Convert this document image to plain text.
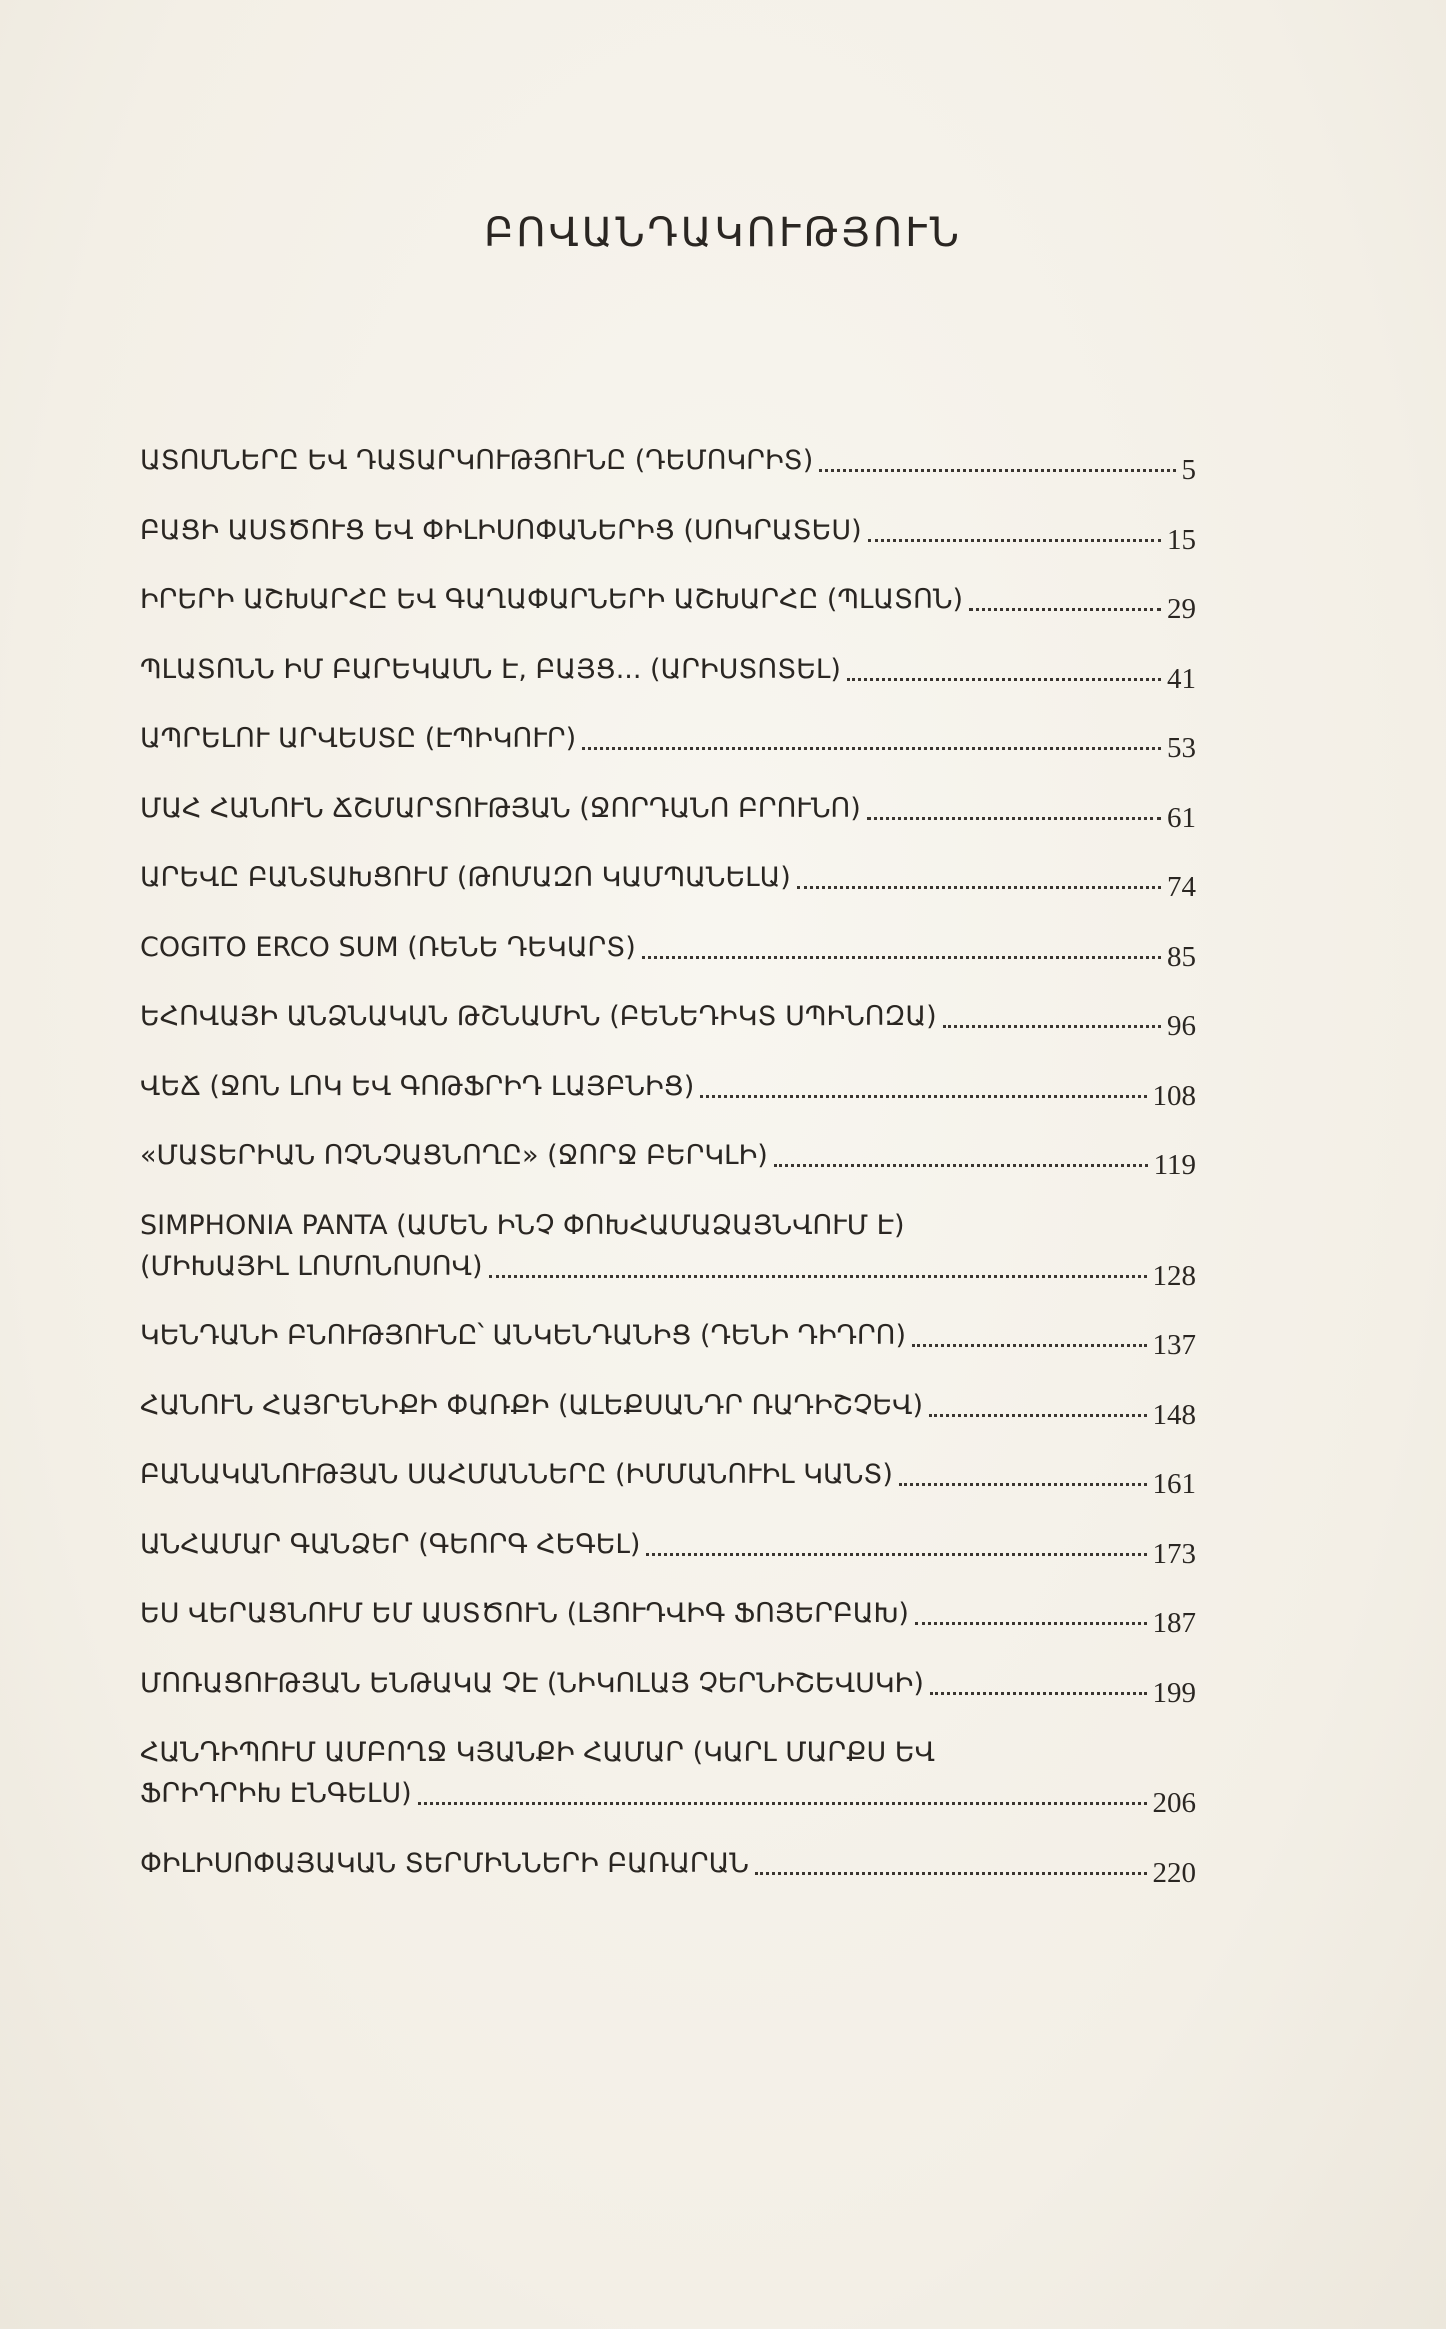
ԲՈՎԱՆԴԱԿՈՒԹՅՈՒՆ
ԱՏՈՄՆԵՐԸ ԵՎ ԴԱՏԱՐԿՈՒԹՅՈՒՆԸ (ԴԵՄՈԿՐԻՏ)	5
ԲԱՑԻ ԱՍՏԾՈՒՑ ԵՎ ՓԻԼԻՍՈՓԱՆԵՐԻՑ (ՍՈԿՐԱՏԵՍ)	15
ԻՐԵՐԻ ԱՇԽԱՐՀԸ ԵՎ ԳԱՂԱՓԱՐՆԵՐԻ ԱՇԽԱՐՀԸ (ՊԼԱՏՈՆ)	29
ՊԼԱՏՈՆՆ ԻՄ ԲԱՐԵԿԱՄՆ Է, ԲԱՅՑ... (ԱՐԻՍՏՈՏԵԼ)	41
ԱՊՐԵԼՈՒ ԱՐՎԵՍՏԸ (ԷՊԻԿՈՒՐ)	53
ՄԱՀ ՀԱՆՈՒՆ ՃՇՄԱՐՏՈՒԹՅԱՆ (ՋՈՐԴԱՆՈ ԲՐՈՒՆՈ)	61
ԱՐԵՎԸ ԲԱՆՏԱԽՑՈՒՄ (ԹՈՄԱԶՈ ԿԱՄՊԱՆԵԼԱ)	74
COGITO ERCO SUM (ՌԵՆԵ ԴԵԿԱՐՏ)	85
ԵՀՈՎԱՅԻ ԱՆՁՆԱԿԱՆ ԹՇՆԱՄԻՆ (ԲԵՆԵԴԻԿՏ ՍՊԻՆՈԶԱ)	96
ՎԵՃ (ՋՈՆ ԼՈԿ ԵՎ ԳՈԹՖՐԻԴ ԼԱՅԲՆԻՑ)	108
«ՄԱՏԵՐԻԱՆ ՈՉՆՉԱՑՆՈՂԸ» (ՋՈՐՋ ԲԵՐԿԼԻ)	119
SIMPHONIA PANTA (ԱՄԵՆ ԻՆՉ ՓՈԽՀԱՄԱՁԱՅՆՎՈՒՄ Է)
(ՄԻԽԱՅԻԼ ԼՈՄՈՆՈՍՈՎ)	128
ԿԵՆԴԱՆԻ ԲՆՈՒԹՅՈՒՆԸ՝ ԱՆԿԵՆԴԱՆԻՑ (ԴԵՆԻ ԴԻԴՐՈ)	137
ՀԱՆՈՒՆ ՀԱՅՐԵՆԻՔԻ ՓԱՌՔԻ (ԱԼԵՔՍԱՆԴՐ ՌԱԴԻՇՉԵՎ)	148
ԲԱՆԱԿԱՆՈՒԹՅԱՆ ՍԱՀՄԱՆՆԵՐԸ (ԻՄՄԱՆՈՒԻԼ ԿԱՆՏ)	161
ԱՆՀԱՄԱՐ ԳԱՆՁԵՐ (ԳԵՈՐԳ ՀԵԳԵԼ)	173
ԵՍ ՎԵՐԱՑՆՈՒՄ ԵՄ ԱՍՏԾՈՒՆ (ԼՅՈՒԴՎԻԳ ՖՈՅԵՐԲԱԽ)	187
ՄՈՌԱՑՈՒԹՅԱՆ ԵՆԹԱԿԱ ՉԷ (ՆԻԿՈԼԱՅ ՉԵՐՆԻՇԵՎՍԿԻ)	199
ՀԱՆԴԻՊՈՒՄ ԱՄԲՈՂՋ ԿՅԱՆՔԻ ՀԱՄԱՐ (ԿԱՐԼ ՄԱՐՔՍ ԵՎ
ՖՐԻԴՐԻԽ ԷՆԳԵԼՍ)	206
ՓԻԼԻՍՈՓԱՅԱԿԱՆ ՏԵՐՄԻՆՆԵՐԻ ԲԱՌԱՐԱՆ	220
